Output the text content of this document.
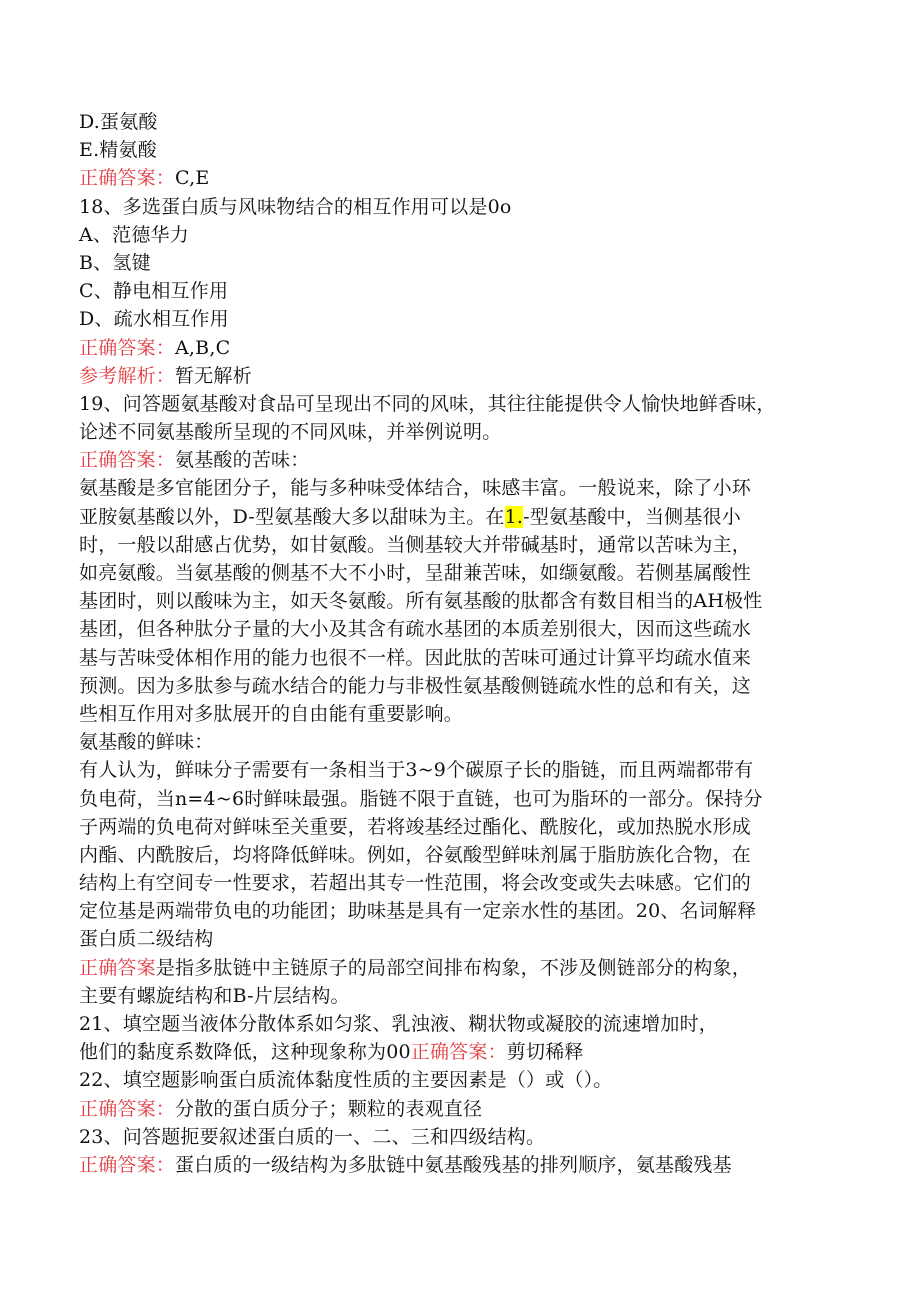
D.蛋氨酸
E.精氨酸
正确答案：C,E
18、多选蛋白质与风味物结合的相互作用可以是0o
A、范德华力
B、氢键
C、静电相互作用
D、疏水相互作用
正确答案：A,B,C
参考解析：暂无解析
19、问答题氨基酸对食品可呈现出不同的风味，其往往能提供令人愉快地鲜香味，
论述不同氨基酸所呈现的不同风味，并举例说明。
正确答案：氨基酸的苦味：
氨基酸是多官能团分子，能与多种味受体结合，味感丰富。一般说来，除了小环
亚胺氨基酸以外，D-型氨基酸大多以甜味为主。在1.-型氨基酸中，当侧基很小
时，一般以甜感占优势，如甘氨酸。当侧基较大并带碱基时，通常以苦味为主，
如亮氨酸。当氨基酸的侧基不大不小时，呈甜兼苦味，如缬氨酸。若侧基属酸性
基团时，则以酸味为主，如天冬氨酸。所有氨基酸的肽都含有数目相当的AH极性
基团，但各种肽分子量的大小及其含有疏水基团的本质差别很大，因而这些疏水
基与苦味受体相作用的能力也很不一样。因此肽的苦味可通过计算平均疏水值来
预测。因为多肽参与疏水结合的能力与非极性氨基酸侧链疏水性的总和有关，这
些相互作用对多肽展开的自由能有重要影响。
氨基酸的鲜味：
有人认为，鲜味分子需要有一条相当于3~9个碳原子长的脂链，而且两端都带有
负电荷，当n=4~6时鲜味最强。脂链不限于直链，也可为脂环的一部分。保持分
子两端的负电荷对鲜味至关重要，若将竣基经过酯化、酰胺化，或加热脱水形成
内酯、内酰胺后，均将降低鲜味。例如，谷氨酸型鲜味剂属于脂肪族化合物，在
结构上有空间专一性要求，若超出其专一性范围，将会改变或失去味感。它们的
定位基是两端带负电的功能团；助味基是具有一定亲水性的基团。20、名词解释
蛋白质二级结构
正确答案是指多肽链中主链原子的局部空间排布构象，不涉及侧链部分的构象，
主要有螺旋结构和B-片层结构。
21、填空题当液体分散体系如匀浆、乳浊液、糊状物或凝胶的流速增加时，
他们的黏度系数降低，这种现象称为00正确答案：剪切稀释
22、填空题影响蛋白质流体黏度性质的主要因素是（）或（）。
正确答案：分散的蛋白质分子；颗粒的表观直径
23、问答题扼要叙述蛋白质的一、二、三和四级结构。
正确答案：蛋白质的一级结构为多肽链中氨基酸残基的排列顺序，氨基酸残基
